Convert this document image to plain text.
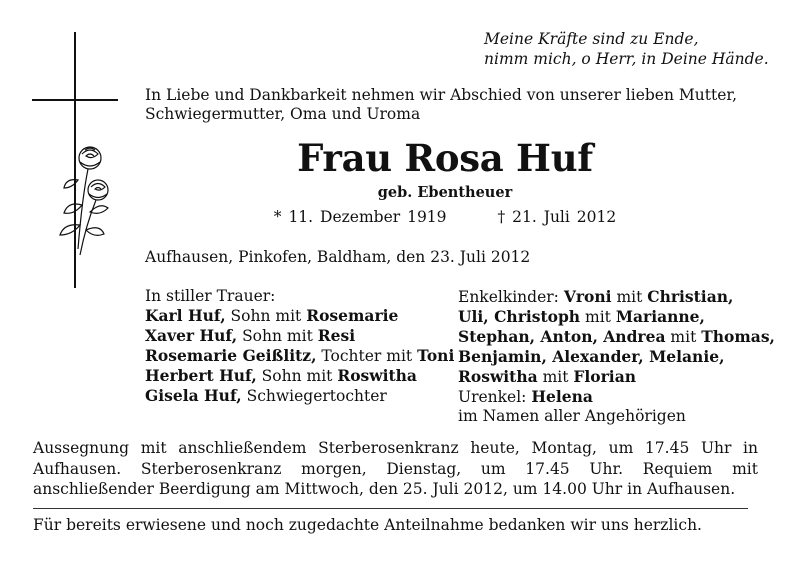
Meine Kräfte sind zu Ende,
nimm mich, o Herr, in Deine Hände.
In Liebe und Dankbarkeit nehmen wir Abschied von unserer lieben Mutter,
Schwiegermutter, Oma und Uroma
Frau Rosa Huf
geb. Ebentheuer
* 11. Dezember 1919	† 21. Juli 2012
Aufhausen, Pinkofen, Baldham, den 23. Juli 2012
In stiller Trauer:
Karl Huf, Sohn mit Rosemarie
Xaver Huf, Sohn mit Resi
Rosemarie Geißlitz, Tochter mit Toni
Herbert Huf, Sohn mit Roswitha
Gisela Huf, Schwiegertochter
Enkelkinder: Vroni mit Christian,
Uli, Christoph mit Marianne,
Stephan, Anton, Andrea mit Thomas,
Benjamin, Alexander, Melanie,
Roswitha mit Florian
Urenkel: Helena
im Namen aller Angehörigen
Aussegnung mit anschließendem Sterberosenkranz heute, Montag, um 17.45 Uhr in Aufhausen. Sterberosenkranz morgen, Dienstag, um 17.45 Uhr. Requiem mit anschließender Beerdigung am Mittwoch, den 25. Juli 2012, um 14.00 Uhr in Aufhausen.
Für bereits erwiesene und noch zugedachte Anteilnahme bedanken wir uns herzlich.
